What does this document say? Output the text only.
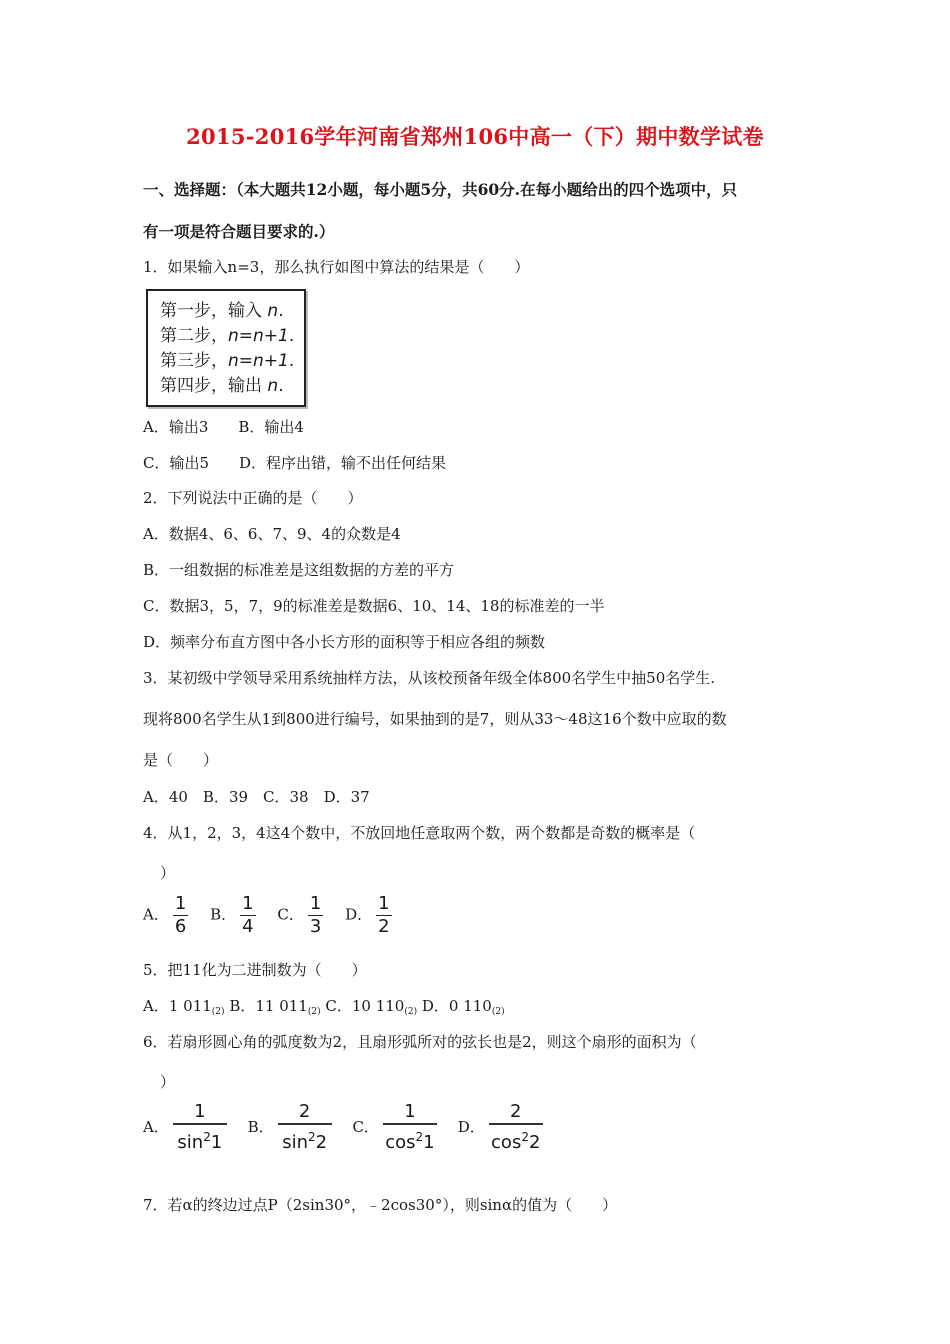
2015-2016学年河南省郑州106中高一（下）期中数学试卷
一、选择题：（本大题共12小题，每小题5分，共60分.在每小题给出的四个选项中，只
有一项是符合题目要求的.）
1．如果输入n=3，那么执行如图中算法的结果是（　　）
第一步，输入 n.
第二步，n=n+1.
第三步，n=n+1.
第四步，输出 n.
A．输出3　　B．输出4
C．输出5　　D．程序出错，输不出任何结果
2．下列说法中正确的是（　　）
A．数据4、6、6、7、9、4的众数是4
B．一组数据的标准差是这组数据的方差的平方
C．数据3，5，7，9的标准差是数据6、10、14、18的标准差的一半
D．频率分布直方图中各小长方形的面积等于相应各组的频数
3．某初级中学领导采用系统抽样方法，从该校预备年级全体800名学生中抽50名学生.
现将800名学生从1到800进行编号，如果抽到的是7，则从33～48这16个数中应取的数
是（　　）
A．40　B．39　C．38　D．37
4．从1，2，3，4这4个数中，不放回地任意取两个数，两个数都是奇数的概率是（
）
A． $\frac{1}{6}$ B． $\frac{1}{4}$ C． $\frac{1}{3}$ D． $\frac{1}{2}$
5．把11化为二进制数为（　　）
A．1 $011_{(2)}$ B．11 $011_{(2)}$ C．10 $110_{(2)}$ D．0 $110_{(2)}$
6．若扇形圆心角的弧度数为2，且扇形弧所对的弦长也是2，则这个扇形的面积为（
）
A． $\frac{1}{\sin^21}$ B． $\frac{2}{\sin^22}$ C． $\frac{1}{\cos^21}$ D． $\frac{2}{\cos^22}$
7．若α的终边过点P（2sin30°，﹣2cos30°），则sinα的值为（　　）
